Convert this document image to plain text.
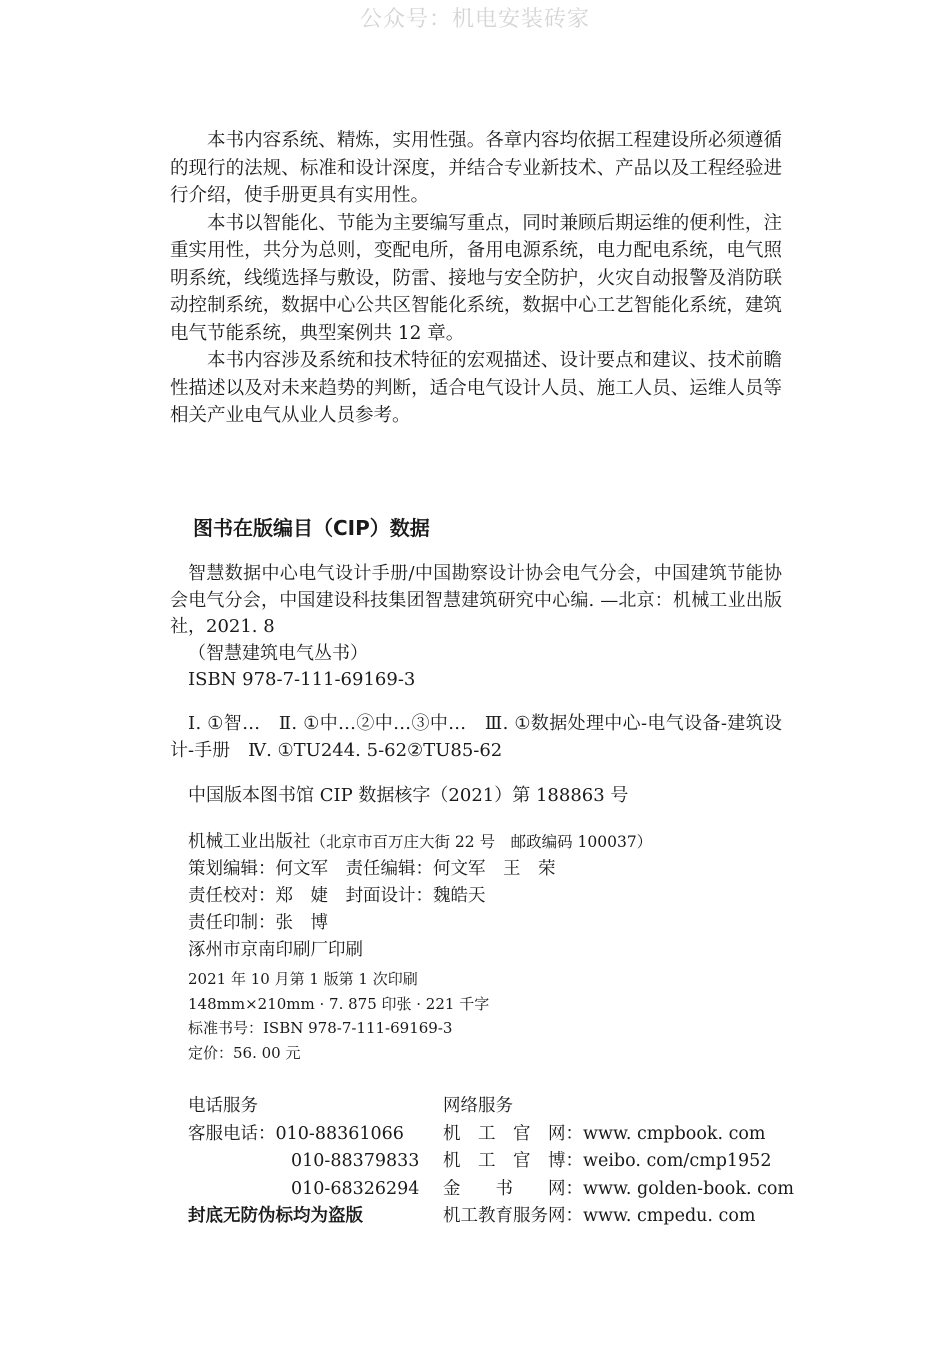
公众号：机电安装砖家

本书内容系统、精炼，实用性强。各章内容均依据工程建设所必须遵循的现行的法规、标准和设计深度，并结合专业新技术、产品以及工程经验进行介绍，使手册更具有实用性。

本书以智能化、节能为主要编写重点，同时兼顾后期运维的便利性，注重实用性，共分为总则，变配电所，备用电源系统，电力配电系统，电气照明系统，线缆选择与敷设，防雷、接地与安全防护，火灾自动报警及消防联动控制系统，数据中心公共区智能化系统，数据中心工艺智能化系统，建筑电气节能系统，典型案例共 12 章。

本书内容涉及系统和技术特征的宏观描述、设计要点和建议、技术前瞻性描述以及对未来趋势的判断，适合电气设计人员、施工人员、运维人员等相关产业电气从业人员参考。

图书在版编目（CIP）数据

智慧数据中心电气设计手册/中国勘察设计协会电气分会，中国建筑节能协会电气分会，中国建设科技集团智慧建筑研究中心编. —北京：机械工业出版社，2021. 8

（智慧建筑电气丛书）

ISBN 978-7-111-69169-3

Ⅰ. ①智…　Ⅱ. ①中…②中…③中…　Ⅲ. ①数据处理中心-电气设备-建筑设计-手册　Ⅳ. ①TU244. 5-62②TU85-62

中国版本图书馆 CIP 数据核字（2021）第 188863 号

机械工业出版社（北京市百万庄大街 22 号　邮政编码 100037）
策划编辑：何文军　责任编辑：何文军　王　荣
责任校对：郑　婕　封面设计：魏皓天
责任印制：张　博
涿州市京南印刷厂印刷
2021 年 10 月第 1 版第 1 次印刷
148mm×210mm · 7. 875 印张 · 221 千字
标准书号：ISBN 978-7-111-69169-3
定价：56. 00 元
电话服务
客服电话：010-88361066
010-88379833
010-68326294
封底无防伪标均为盗版
网络服务
机　工　官　网：www. cmpbook. com
机　工　官　博：weibo. com/cmp1952
金　　书　　网：www. golden-book. com
机工教育服务网：www. cmpedu. com
